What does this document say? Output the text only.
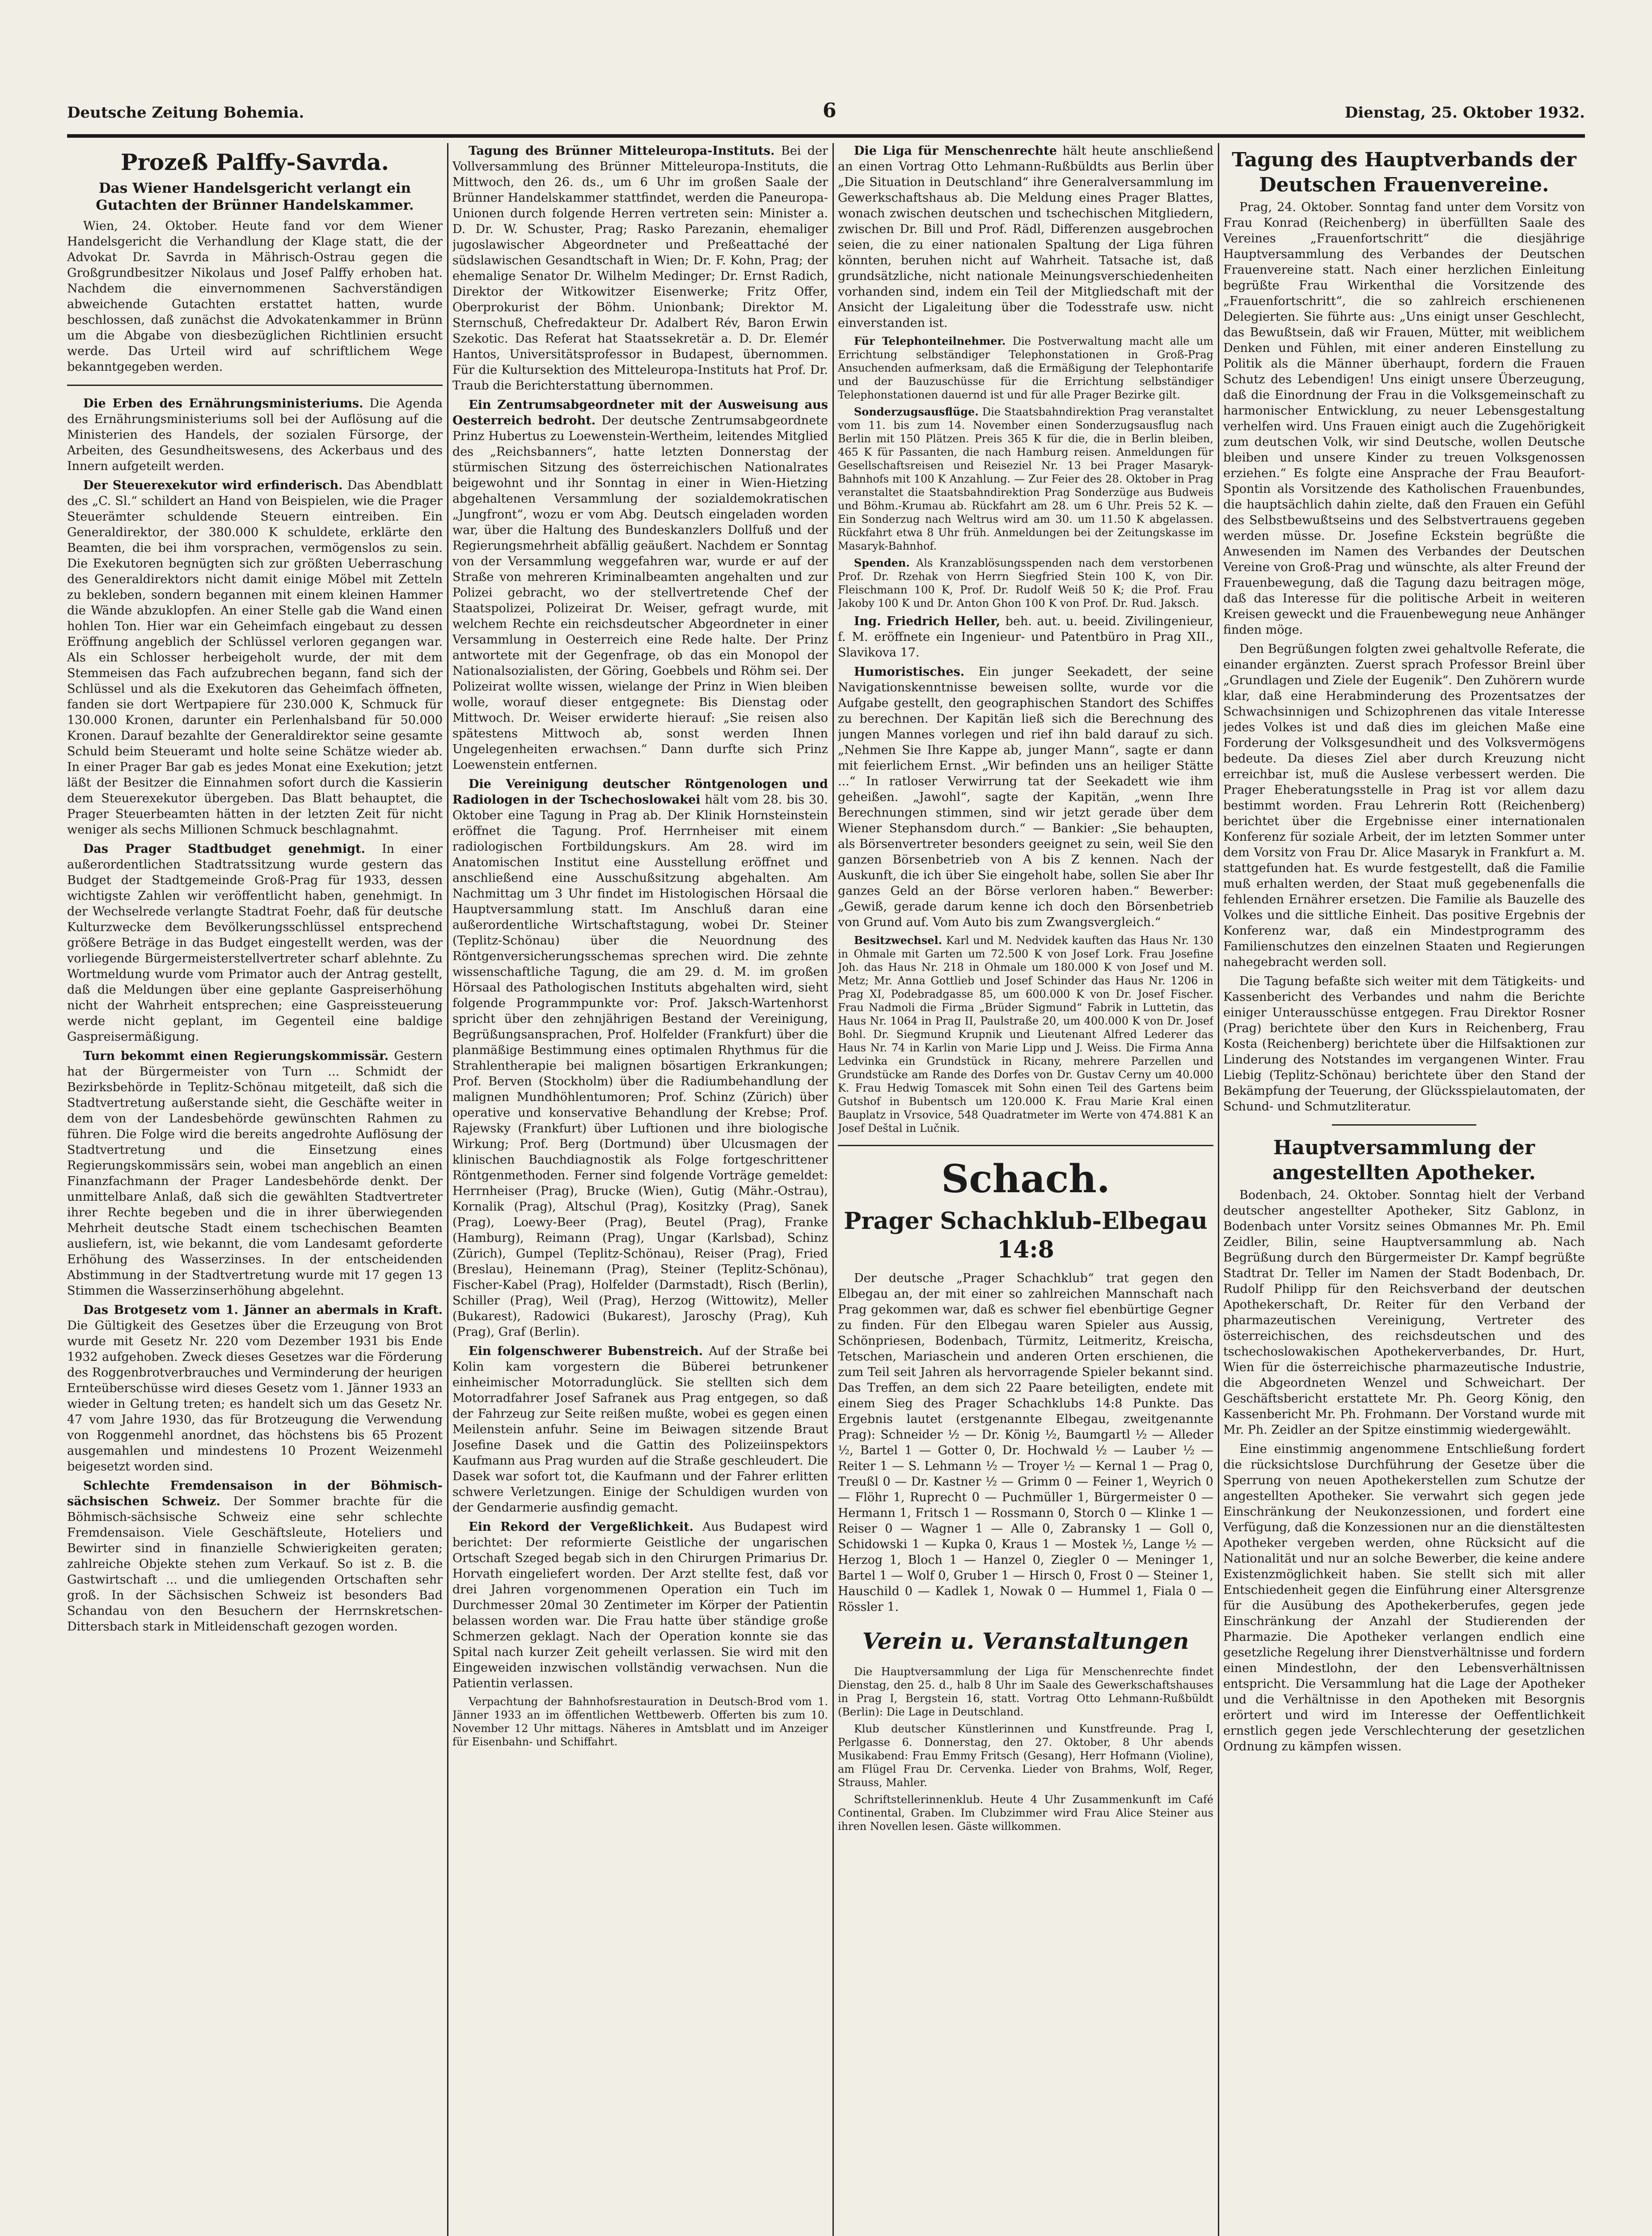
Deutsche Zeitung Bohemia.	6	Dienstag, 25. Oktober 1932.
Prozeß Palffy-Savrda.
Das Wiener Handelsgericht verlangt ein Gutachten der Brünner Handelskammer.

Wien, 24. Oktober. Heute fand vor dem Wiener Handelsgericht die Verhandlung der Klage statt, die der Advokat Dr. Savrda in Mährisch-Ostrau gegen die Großgrundbesitzer Nikolaus und Josef Palffy erhoben hat. Nachdem die einvernommenen Sachverständigen abweichende Gutachten erstattet hatten, wurde beschlossen, daß zunächst die Advokatenkammer in Brünn um die Abgabe von diesbezüglichen Richtlinien ersucht werde. Das Urteil wird auf schriftlichem Wege bekanntgegeben werden.

Die Erben des Ernährungsministeriums. Die Agenda des Ernährungsministeriums soll bei der Auflösung auf die Ministerien des Handels, der sozialen Fürsorge, der Arbeiten, des Gesundheitswesens, des Ackerbaus und des Innern aufgeteilt werden.

Der Steuerexekutor wird erfinderisch. Das Abendblatt des „C. Sl.“ schildert an Hand von Beispielen, wie die Prager Steuerämter schuldende Steuern eintreiben. Ein Generaldirektor, der 380.000 K schuldete, erklärte den Beamten, die bei ihm vorsprachen, vermögenslos zu sein. Die Exekutoren begnügten sich zur größten Ueberraschung des Generaldirektors nicht damit einige Möbel mit Zetteln zu bekleben, sondern begannen mit einem kleinen Hammer die Wände abzuklopfen. An einer Stelle gab die Wand einen hohlen Ton. Hier war ein Geheimfach eingebaut zu dessen Eröffnung angeblich der Schlüssel verloren gegangen war. Als ein Schlosser herbeigeholt wurde, der mit dem Stemmeisen das Fach aufzubrechen begann, fand sich der Schlüssel und als die Exekutoren das Geheimfach öffneten, fanden sie dort Wertpapiere für 230.000 K, Schmuck für 130.000 Kronen, darunter ein Perlenhalsband für 50.000 Kronen. Darauf bezahlte der Generaldirektor seine gesamte Schuld beim Steueramt und holte seine Schätze wieder ab. In einer Prager Bar gab es jedes Monat eine Exekution; jetzt läßt der Besitzer die Einnahmen sofort durch die Kassierin dem Steuerexekutor übergeben. Das Blatt behauptet, die Prager Steuerbeamten hätten in der letzten Zeit für nicht weniger als sechs Millionen Schmuck beschlagnahmt.

Das Prager Stadtbudget genehmigt. In einer außerordentlichen Stadtratssitzung wurde gestern das Budget der Stadtgemeinde Groß-Prag für 1933, dessen wichtigste Zahlen wir veröffentlicht haben, genehmigt. In der Wechselrede verlangte Stadtrat Foehr, daß für deutsche Kulturzwecke dem Bevölkerungsschlüssel entsprechend größere Beträge in das Budget eingestellt werden, was der vorliegende Bürgermeisterstellvertreter scharf ablehnte. Zu Wortmeldung wurde vom Primator auch der Antrag gestellt, daß die Meldungen über eine geplante Gaspreiserhöhung nicht der Wahrheit entsprechen; eine Gaspreissteuerung werde nicht geplant, im Gegenteil eine baldige Gaspreisermäßigung.

Turn bekommt einen Regierungskommissär. Gestern hat der Bürgermeister von Turn ... Schmidt der Bezirksbehörde in Teplitz-Schönau mitgeteilt, daß sich die Stadtvertretung außerstande sieht, die Geschäfte weiter in dem von der Landesbehörde gewünschten Rahmen zu führen. Die Folge wird die bereits angedrohte Auflösung der Stadtvertretung und die Einsetzung eines Regierungskommissärs sein, wobei man angeblich an einen Finanzfachmann der Prager Landesbehörde denkt. Der unmittelbare Anlaß, daß sich die gewählten Stadtvertreter ihrer Rechte begeben und die in ihrer überwiegenden Mehrheit deutsche Stadt einem tschechischen Beamten ausliefern, ist, wie bekannt, die vom Landesamt geforderte Erhöhung des Wasserzinses. In der entscheidenden Abstimmung in der Stadtvertretung wurde mit 17 gegen 13 Stimmen die Wasserzinserhöhung abgelehnt.

Das Brotgesetz vom 1. Jänner an abermals in Kraft. Die Gültigkeit des Gesetzes über die Erzeugung von Brot wurde mit Gesetz Nr. 220 vom Dezember 1931 bis Ende 1932 aufgehoben. Zweck dieses Gesetzes war die Förderung des Roggenbrotverbrauches und Verminderung der heurigen Ernteüberschüsse wird dieses Gesetz vom 1. Jänner 1933 an wieder in Geltung treten; es handelt sich um das Gesetz Nr. 47 vom Jahre 1930, das für Brotzeugung die Verwendung von Roggenmehl anordnet, das höchstens bis 65 Prozent ausgemahlen und mindestens 10 Prozent Weizenmehl beigesetzt worden sind.

Schlechte Fremdensaison in der Böhmisch-sächsischen Schweiz. Der Sommer brachte für die Böhmisch-sächsische Schweiz eine sehr schlechte Fremdensaison. Viele Geschäftsleute, Hoteliers und Bewirter sind in finanzielle Schwierigkeiten geraten; zahlreiche Objekte stehen zum Verkauf. So ist z. B. die Gastwirtschaft ... und die umliegenden Ortschaften sehr groß. In der Sächsischen Schweiz ist besonders Bad Schandau von den Besuchern der Herrnskretschen-Dittersbach stark in Mitleidenschaft gezogen worden.

Tagung des Brünner Mitteleuropa-Instituts. Bei der Vollversammlung des Brünner Mitteleuropa-Instituts, die Mittwoch, den 26. ds., um 6 Uhr im großen Saale der Brünner Handelskammer stattfindet, werden die Paneuropa-Unionen durch folgende Herren vertreten sein: Minister a. D. Dr. W. Schuster, Prag; Rasko Parezanin, ehemaliger jugoslawischer Abgeordneter und Preßeattaché der südslawischen Gesandtschaft in Wien; Dr. F. Kohn, Prag; der ehemalige Senator Dr. Wilhelm Medinger; Dr. Ernst Radich, Direktor der Witkowitzer Eisenwerke; Fritz Offer, Oberprokurist der Böhm. Unionbank; Direktor M. Sternschuß, Chefredakteur Dr. Adalbert Rév, Baron Erwin Szekotic. Das Referat hat Staatssekretär a. D. Dr. Elemér Hantos, Universitätsprofessor in Budapest, übernommen. Für die Kultursektion des Mitteleuropa-Instituts hat Prof. Dr. Traub die Berichterstattung übernommen.

Ein Zentrumsabgeordneter mit der Ausweisung aus Oesterreich bedroht. Der deutsche Zentrumsabgeordnete Prinz Hubertus zu Loewenstein-Wertheim, leitendes Mitglied des „Reichsbanners“, hatte letzten Donnerstag der stürmischen Sitzung des österreichischen Nationalrates beigewohnt und ihr Sonntag in einer in Wien-Hietzing abgehaltenen Versammlung der sozialdemokratischen „Jungfront“, wozu er vom Abg. Deutsch eingeladen worden war, über die Haltung des Bundeskanzlers Dollfuß und der Regierungsmehrheit abfällig geäußert. Nachdem er Sonntag von der Versammlung weggefahren war, wurde er auf der Straße von mehreren Kriminalbeamten angehalten und zur Polizei gebracht, wo der stellvertretende Chef der Staatspolizei, Polizeirat Dr. Weiser, gefragt wurde, mit welchem Rechte ein reichsdeutscher Abgeordneter in einer Versammlung in Oesterreich eine Rede halte. Der Prinz antwortete mit der Gegenfrage, ob das ein Monopol der Nationalsozialisten, der Göring, Goebbels und Röhm sei. Der Polizeirat wollte wissen, wielange der Prinz in Wien bleiben wolle, worauf dieser entgegnete: Bis Dienstag oder Mittwoch. Dr. Weiser erwiderte hierauf: „Sie reisen also spätestens Mittwoch ab, sonst werden Ihnen Ungelegenheiten erwachsen.“ Dann durfte sich Prinz Loewenstein entfernen.

Die Vereinigung deutscher Röntgenologen und Radiologen in der Tschechoslowakei hält vom 28. bis 30. Oktober eine Tagung in Prag ab. Der Klinik Hornsteinstein eröffnet die Tagung. Prof. Herrnheiser mit einem radiologischen Fortbildungskurs. Am 28. wird im Anatomischen Institut eine Ausstellung eröffnet und anschließend eine Ausschußsitzung abgehalten. Am Nachmittag um 3 Uhr findet im Histologischen Hörsaal die Hauptversammlung statt. Im Anschluß daran eine außerordentliche Wirtschaftstagung, wobei Dr. Steiner (Teplitz-Schönau) über die Neuordnung des Röntgenversicherungsschemas sprechen wird. Die zehnte wissenschaftliche Tagung, die am 29. d. M. im großen Hörsaal des Pathologischen Instituts abgehalten wird, sieht folgende Programmpunkte vor: Prof. Jaksch-Wartenhorst spricht über den zehnjährigen Bestand der Vereinigung, Begrüßungsansprachen, Prof. Holfelder (Frankfurt) über die planmäßige Bestimmung eines optimalen Rhythmus für die Strahlentherapie bei malignen bösartigen Erkrankungen; Prof. Berven (Stockholm) über die Radiumbehandlung der malignen Mundhöhlentumoren; Prof. Schinz (Zürich) über operative und konservative Behandlung der Krebse; Prof. Rajewsky (Frankfurt) über Luftionen und ihre biologische Wirkung; Prof. Berg (Dortmund) über Ulcusmagen der klinischen Bauchdiagnostik als Folge fortgeschrittener Röntgenmethoden. Ferner sind folgende Vorträge gemeldet: Herrnheiser (Prag), Brucke (Wien), Gutig (Mähr.-Ostrau), Kornalik (Prag), Altschul (Prag), Kositzky (Prag), Sanek (Prag), Loewy-Beer (Prag), Beutel (Prag), Franke (Hamburg), Reimann (Prag), Ungar (Karlsbad), Schinz (Zürich), Gumpel (Teplitz-Schönau), Reiser (Prag), Fried (Breslau), Heinemann (Prag), Steiner (Teplitz-Schönau), Fischer-Kabel (Prag), Holfelder (Darmstadt), Risch (Berlin), Schiller (Prag), Weil (Prag), Herzog (Wittowitz), Meller (Bukarest), Radowici (Bukarest), Jaroschy (Prag), Kuh (Prag), Graf (Berlin).

Ein folgenschwerer Bubenstreich. Auf der Straße bei Kolin kam vorgestern die Büberei betrunkener einheimischer Motorradunglück. Sie stellten sich dem Motorradfahrer Josef Safranek aus Prag entgegen, so daß der Fahrzeug zur Seite reißen mußte, wobei es gegen einen Meilenstein anfuhr. Seine im Beiwagen sitzende Braut Josefine Dasek und die Gattin des Polizeiinspektors Kaufmann aus Prag wurden auf die Straße geschleudert. Die Dasek war sofort tot, die Kaufmann und der Fahrer erlitten schwere Verletzungen. Einige der Schuldigen wurden von der Gendarmerie ausfindig gemacht.

Ein Rekord der Vergeßlichkeit. Aus Budapest wird berichtet: Der reformierte Geistliche der ungarischen Ortschaft Szeged begab sich in den Chirurgen Primarius Dr. Horvath eingeliefert worden. Der Arzt stellte fest, daß vor drei Jahren vorgenommenen Operation ein Tuch im Durchmesser 20mal 30 Zentimeter im Körper der Patientin belassen worden war. Die Frau hatte über ständige große Schmerzen geklagt. Nach der Operation konnte sie das Spital nach kurzer Zeit geheilt verlassen. Sie wird mit den Eingeweiden inzwischen vollständig verwachsen. Nun die Patientin verlassen.

Verpachtung der Bahnhofsrestauration in Deutsch-Brod vom 1. Jänner 1933 an im öffentlichen Wettbewerb. Offerten bis zum 10. November 12 Uhr mittags. Näheres in Amtsblatt und im Anzeiger für Eisenbahn- und Schiffahrt.

Die Liga für Menschenrechte hält heute anschließend an einen Vortrag Otto Lehmann-Rußbüldts aus Berlin über „Die Situation in Deutschland“ ihre Generalversammlung im Gewerkschaftshaus ab. Die Meldung eines Prager Blattes, wonach zwischen deutschen und tschechischen Mitgliedern, zwischen Dr. Bill und Prof. Rädl, Differenzen ausgebrochen seien, die zu einer nationalen Spaltung der Liga führen könnten, beruhen nicht auf Wahrheit. Tatsache ist, daß grundsätzliche, nicht nationale Meinungsverschiedenheiten vorhanden sind, indem ein Teil der Mitgliedschaft mit der Ansicht der Ligaleitung über die Todesstrafe usw. nicht einverstanden ist.

Für Telephonteilnehmer. Die Postverwaltung macht alle um Errichtung selbständiger Telephonstationen in Groß-Prag Ansuchenden aufmerksam, daß die Ermäßigung der Telephontarife und der Bauzuschüsse für die Errichtung selbständiger Telephonstationen dauernd ist und für alle Prager Bezirke gilt.

Sonderzugsausflüge. Die Staatsbahndirektion Prag veranstaltet vom 11. bis zum 14. November einen Sonderzugsausflug nach Berlin mit 150 Plätzen. Preis 365 K für die, die in Berlin bleiben, 465 K für Passanten, die nach Hamburg reisen. Anmeldungen für Gesellschaftsreisen und Reiseziel Nr. 13 bei Prager Masaryk-Bahnhofs mit 100 K Anzahlung. — Zur Feier des 28. Oktober in Prag veranstaltet die Staatsbahndirektion Prag Sonderzüge aus Budweis und Böhm.-Krumau ab. Rückfahrt am 28. um 6 Uhr. Preis 52 K. — Ein Sonderzug nach Weltrus wird am 30. um 11.50 K abgelassen. Rückfahrt etwa 8 Uhr früh. Anmeldungen bei der Zeitungskasse im Masaryk-Bahnhof.

Spenden. Als Kranzablösungsspenden nach dem verstorbenen Prof. Dr. Rzehak von Herrn Siegfried Stein 100 K, von Dir. Fleischmann 100 K, Prof. Dr. Rudolf Weiß 50 K; die Prof. Frau Jakoby 100 K und Dr. Anton Ghon 100 K von Prof. Dr. Rud. Jaksch.

Ing. Friedrich Heller, beh. aut. u. beeid. Zivilingenieur, f. M. eröffnete ein Ingenieur- und Patentbüro in Prag XII., Slavikova 17.

Humoristisches. Ein junger Seekadett, der seine Navigationskenntnisse beweisen sollte, wurde vor die Aufgabe gestellt, den geographischen Standort des Schiffes zu berechnen. Der Kapitän ließ sich die Berechnung des jungen Mannes vorlegen und rief ihn bald darauf zu sich. „Nehmen Sie Ihre Kappe ab, junger Mann“, sagte er dann mit feierlichem Ernst. „Wir befinden uns an heiliger Stätte ...“ In ratloser Verwirrung tat der Seekadett wie ihm geheißen. „Jawohl“, sagte der Kapitän, „wenn Ihre Berechnungen stimmen, sind wir jetzt gerade über dem Wiener Stephansdom durch.“ — Bankier: „Sie behaupten, als Börsenvertreter besonders geeignet zu sein, weil Sie den ganzen Börsenbetrieb von A bis Z kennen. Nach der Auskunft, die ich über Sie eingeholt habe, sollen Sie aber Ihr ganzes Geld an der Börse verloren haben.“ Bewerber: „Gewiß, gerade darum kenne ich doch den Börsenbetrieb von Grund auf. Vom Auto bis zum Zwangsvergleich.“

Besitzwechsel. Karl und M. Nedvidek kauften das Haus Nr. 130 in Ohmale mit Garten um 72.500 K von Josef Lork. Frau Josefine Joh. das Haus Nr. 218 in Ohmale um 180.000 K von Josef und M. Metz; Mr. Anna Gottlieb und Josef Schinder das Haus Nr. 1206 in Prag XI, Podebradgasse 85, um 600.000 K von Dr. Josef Fischer. Frau Nadmoli die Firma „Brüder Sigmund“ Fabrik in Luttetin, das Haus Nr. 1064 in Prag II, Paulstraße 20, um 400.000 K von Dr. Josef Bohl. Dr. Siegmund Krupnik und Lieutenant Alfred Lederer das Haus Nr. 74 in Karlin von Marie Lipp und J. Weiss. Die Firma Anna Ledvinka ein Grundstück in Ricany, mehrere Parzellen und Grundstücke am Rande des Dorfes von Dr. Gustav Cerny um 40.000 K. Frau Hedwig Tomascek mit Sohn einen Teil des Gartens beim Gutshof in Bubentsch um 120.000 K. Frau Marie Kral einen Bauplatz in Vrsovice, 548 Quadratmeter im Werte von 474.881 K an Josef Deštal in Lučnik.

Schach.
Prager Schachklub-Elbegau 14:8

Der deutsche „Prager Schachklub“ trat gegen den Elbegau an, der mit einer so zahlreichen Mannschaft nach Prag gekommen war, daß es schwer fiel ebenbürtige Gegner zu finden. Für den Elbegau waren Spieler aus Aussig, Schönpriesen, Bodenbach, Türmitz, Leitmeritz, Kreischa, Tetschen, Mariaschein und anderen Orten erschienen, die zum Teil seit Jahren als hervorragende Spieler bekannt sind. Das Treffen, an dem sich 22 Paare beteiligten, endete mit einem Sieg des Prager Schachklubs 14:8 Punkte. Das Ergebnis lautet (erstgenannte Elbegau, zweitgenannte Prag): Schneider ½ — Dr. König ½, Baumgartl ½ — Alleder ½, Bartel 1 — Gotter 0, Dr. Hochwald ½ — Lauber ½ — Reiter 1 — S. Lehmann ½ — Troyer ½ — Kernal 1 — Prag 0, Treußl 0 — Dr. Kastner ½ — Grimm 0 — Feiner 1, Weyrich 0 — Flöhr 1, Ruprecht 0 — Puchmüller 1, Bürgermeister 0 — Hermann 1, Fritsch 1 — Rossmann 0, Storch 0 — Klinke 1 — Reiser 0 — Wagner 1 — Alle 0, Zabransky 1 — Goll 0, Schidowski 1 — Kupka 0, Kraus 1 — Mostek ½, Lange ½ — Herzog 1, Bloch 1 — Hanzel 0, Ziegler 0 — Meninger 1, Bartel 1 — Wolf 0, Gruber 1 — Hirsch 0, Frost 0 — Steiner 1, Hauschild 0 — Kadlek 1, Nowak 0 — Hummel 1, Fiala 0 — Rössler 1.

Verein u. Veranstaltungen

Die Hauptversammlung der Liga für Menschenrechte findet Dienstag, den 25. d., halb 8 Uhr im Saale des Gewerkschaftshauses in Prag I, Bergstein 16, statt. Vortrag Otto Lehmann-Rußbüldt (Berlin): Die Lage in Deutschland.

Klub deutscher Künstlerinnen und Kunstfreunde. Prag I, Perlgasse 6. Donnerstag, den 27. Oktober, 8 Uhr abends Musikabend: Frau Emmy Fritsch (Gesang), Herr Hofmann (Violine), am Flügel Frau Dr. Cervenka. Lieder von Brahms, Wolf, Reger, Strauss, Mahler.

Schriftstellerinnenklub. Heute 4 Uhr Zusammenkunft im Café Continental, Graben. Im Clubzimmer wird Frau Alice Steiner aus ihren Novellen lesen. Gäste willkommen.

Tagung des Hauptverbands der Deutschen Frauenvereine.

Prag, 24. Oktober. Sonntag fand unter dem Vorsitz von Frau Konrad (Reichenberg) in überfüllten Saale des Vereines „Frauenfortschritt“ die diesjährige Hauptversammlung des Verbandes der Deutschen Frauenvereine statt. Nach einer herzlichen Einleitung begrüßte Frau Wirkenthal die Vorsitzende des „Frauenfortschritt“, die so zahlreich erschienenen Delegierten. Sie führte aus: „Uns einigt unser Geschlecht, das Bewußtsein, daß wir Frauen, Mütter, mit weiblichem Denken und Fühlen, mit einer anderen Einstellung zu Politik als die Männer überhaupt, fordern die Frauen Schutz des Lebendigen! Uns einigt unsere Überzeugung, daß die Einordnung der Frau in die Volksgemeinschaft zu harmonischer Entwicklung, zu neuer Lebensgestaltung verhelfen wird. Uns Frauen einigt auch die Zugehörigkeit zum deutschen Volk, wir sind Deutsche, wollen Deutsche bleiben und unsere Kinder zu treuen Volksgenossen erziehen.“ Es folgte eine Ansprache der Frau Beaufort-Spontin als Vorsitzende des Katholischen Frauenbundes, die hauptsächlich dahin zielte, daß den Frauen ein Gefühl des Selbstbewußtseins und des Selbstvertrauens gegeben werden müsse. Dr. Josefine Eckstein begrüßte die Anwesenden im Namen des Verbandes der Deutschen Vereine von Groß-Prag und wünschte, als alter Freund der Frauenbewegung, daß die Tagung dazu beitragen möge, daß das Interesse für die politische Arbeit in weiteren Kreisen geweckt und die Frauenbewegung neue Anhänger finden möge.

Den Begrüßungen folgten zwei gehaltvolle Referate, die einander ergänzten. Zuerst sprach Professor Breinl über „Grundlagen und Ziele der Eugenik“. Den Zuhörern wurde klar, daß eine Herabminderung des Prozentsatzes der Schwachsinnigen und Schizophrenen das vitale Interesse jedes Volkes ist und daß dies im gleichen Maße eine Forderung der Volksgesundheit und des Volksvermögens bedeute. Da dieses Ziel aber durch Kreuzung nicht erreichbar ist, muß die Auslese verbessert werden. Die Prager Eheberatungsstelle in Prag ist vor allem dazu bestimmt worden. Frau Lehrerin Rott (Reichenberg) berichtet über die Ergebnisse einer internationalen Konferenz für soziale Arbeit, der im letzten Sommer unter dem Vorsitz von Frau Dr. Alice Masaryk in Frankfurt a. M. stattgefunden hat. Es wurde festgestellt, daß die Familie muß erhalten werden, der Staat muß gegebenenfalls die fehlenden Ernährer ersetzen. Die Familie als Bauzelle des Volkes und die sittliche Einheit. Das positive Ergebnis der Konferenz war, daß ein Mindestprogramm des Familienschutzes den einzelnen Staaten und Regierungen nahegebracht werden soll.

Die Tagung befaßte sich weiter mit dem Tätigkeits- und Kassenbericht des Verbandes und nahm die Berichte einiger Unterausschüsse entgegen. Frau Direktor Rosner (Prag) berichtete über den Kurs in Reichenberg, Frau Kosta (Reichenberg) berichtete über die Hilfsaktionen zur Linderung des Notstandes im vergangenen Winter. Frau Liebig (Teplitz-Schönau) berichtete über den Stand der Bekämpfung der Teuerung, der Glücksspielautomaten, der Schund- und Schmutzliteratur.

Hauptversammlung der angestellten Apotheker.

Bodenbach, 24. Oktober. Sonntag hielt der Verband deutscher angestellter Apotheker, Sitz Gablonz, in Bodenbach unter Vorsitz seines Obmannes Mr. Ph. Emil Zeidler, Bilin, seine Hauptversammlung ab. Nach Begrüßung durch den Bürgermeister Dr. Kampf begrüßte Stadtrat Dr. Teller im Namen der Stadt Bodenbach, Dr. Rudolf Philipp für den Reichsverband der deutschen Apothekerschaft, Dr. Reiter für den Verband der pharmazeutischen Vereinigung, Vertreter des österreichischen, des reichsdeutschen und des tschechoslowakischen Apothekerverbandes, Dr. Hurt, Wien für die österreichische pharmazeutische Industrie, die Abgeordneten Wenzel und Schweichart. Der Geschäftsbericht erstattete Mr. Ph. Georg König, den Kassenbericht Mr. Ph. Frohmann. Der Vorstand wurde mit Mr. Ph. Zeidler an der Spitze einstimmig wiedergewählt.

Eine einstimmig angenommene Entschließung fordert die rücksichtslose Durchführung der Gesetze über die Sperrung von neuen Apothekerstellen zum Schutze der angestellten Apotheker. Sie verwahrt sich gegen jede Einschränkung der Neukonzessionen, und fordert eine Verfügung, daß die Konzessionen nur an die dienstältesten Apotheker vergeben werden, ohne Rücksicht auf die Nationalität und nur an solche Bewerber, die keine andere Existenzmöglichkeit haben. Sie stellt sich mit aller Entschiedenheit gegen die Einführung einer Altersgrenze für die Ausübung des Apothekerberufes, gegen jede Einschränkung der Anzahl der Studierenden der Pharmazie. Die Apotheker verlangen endlich eine gesetzliche Regelung ihrer Dienstverhältnisse und fordern einen Mindestlohn, der den Lebensverhältnissen entspricht. Die Versammlung hat die Lage der Apotheker und die Verhältnisse in den Apotheken mit Besorgnis erörtert und wird im Interesse der Oeffentlichkeit ernstlich gegen jede Verschlechterung der gesetzlichen Ordnung zu kämpfen wissen.
